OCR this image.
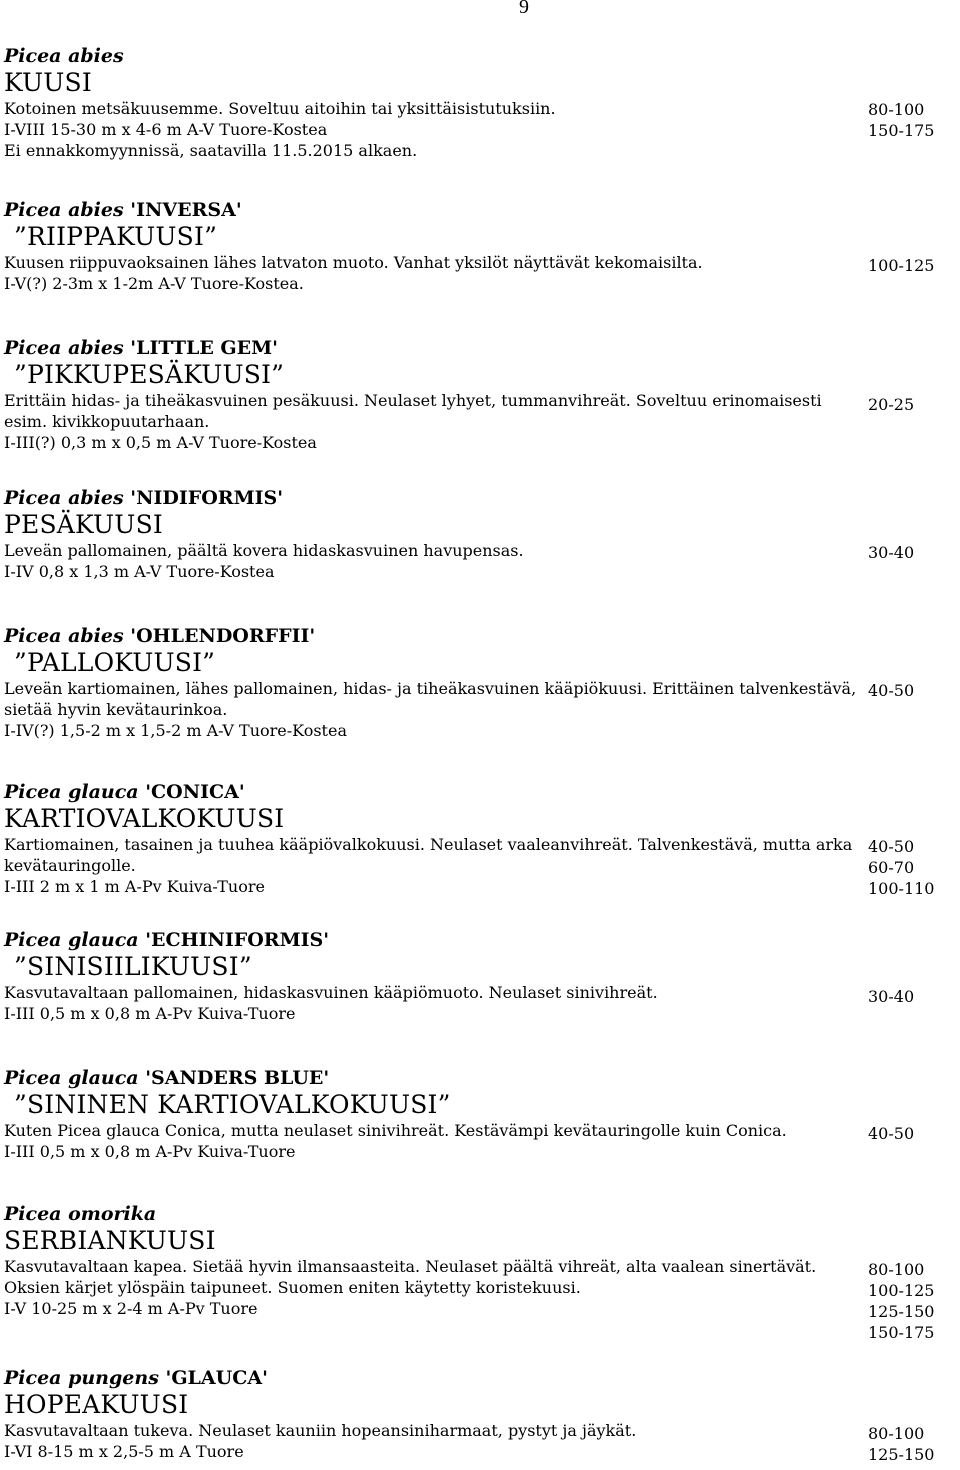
9
Picea abies
KUUSI
Kotoinen metsäkuusemme. Soveltuu aitoihin tai yksittäisistutuksiin.
I-VIII 15-30 m x 4-6 m A-V Tuore-Kostea
Ei ennakkomyynnissä, saatavilla 11.5.2015 alkaen.
80-100
150-175
Picea abies 'INVERSA'
”RIIPPAKUUSI”
Kuusen riippuvaoksainen lähes latvaton muoto. Vanhat yksilöt näyttävät kekomaisilta.
I-V(?) 2-3m x 1-2m A-V Tuore-Kostea.
100-125
Picea abies 'LITTLE GEM'
”PIKKUPESÄKUUSI”
Erittäin hidas- ja tiheäkasvuinen pesäkuusi. Neulaset lyhyet, tummanvihreät. Soveltuu erinomaisesti esim. kivikkopuutarhaan.
I-III(?) 0,3 m x 0,5 m A-V Tuore-Kostea
20-25
Picea abies 'NIDIFORMIS'
PESÄKUUSI
Leveän pallomainen, päältä kovera hidaskasvuinen havupensas.
I-IV 0,8 x 1,3 m A-V Tuore-Kostea
30-40
Picea abies 'OHLENDORFFII'
”PALLOKUUSI”
Leveän kartiomainen, lähes pallomainen, hidas- ja tiheäkasvuinen kääpiökuusi. Erittäinen talvenkestävä, sietää hyvin kevätaurinkoa.
I-IV(?) 1,5-2 m x 1,5-2 m A-V Tuore-Kostea
40-50
Picea glauca 'CONICA'
KARTIOVALKOKUUSI
Kartiomainen, tasainen ja tuuhea kääpiövalkokuusi. Neulaset vaaleanvihreät. Talvenkestävä, mutta arka kevätauringolle.
I-III 2 m x 1 m A-Pv Kuiva-Tuore
40-50
60-70
100-110
Picea glauca 'ECHINIFORMIS'
”SINISIILIKUUSI”
Kasvutavaltaan pallomainen, hidaskasvuinen kääpiömuoto. Neulaset sinivihreät.
I-III 0,5 m x 0,8 m A-Pv Kuiva-Tuore
30-40
Picea glauca 'SANDERS BLUE'
”SININEN KARTIOVALKOKUUSI”
Kuten Picea glauca Conica, mutta neulaset sinivihreät. Kestävämpi kevätauringolle kuin Conica.
I-III 0,5 m x 0,8 m A-Pv Kuiva-Tuore
40-50
Picea omorika
SERBIANKUUSI
Kasvutavaltaan kapea. Sietää hyvin ilmansaasteita. Neulaset päältä vihreät, alta vaalean sinertävät.
Oksien kärjet ylöspäin taipuneet. Suomen eniten käytetty koristekuusi.
I-V 10-25 m x 2-4 m A-Pv Tuore
80-100
100-125
125-150
150-175
Picea pungens 'GLAUCA'
HOPEAKUUSI
Kasvutavaltaan tukeva. Neulaset kauniin hopeansiniharmaat, pystyt ja jäykät.
I-VI 8-15 m x 2,5-5 m A Tuore
80-100
125-150
